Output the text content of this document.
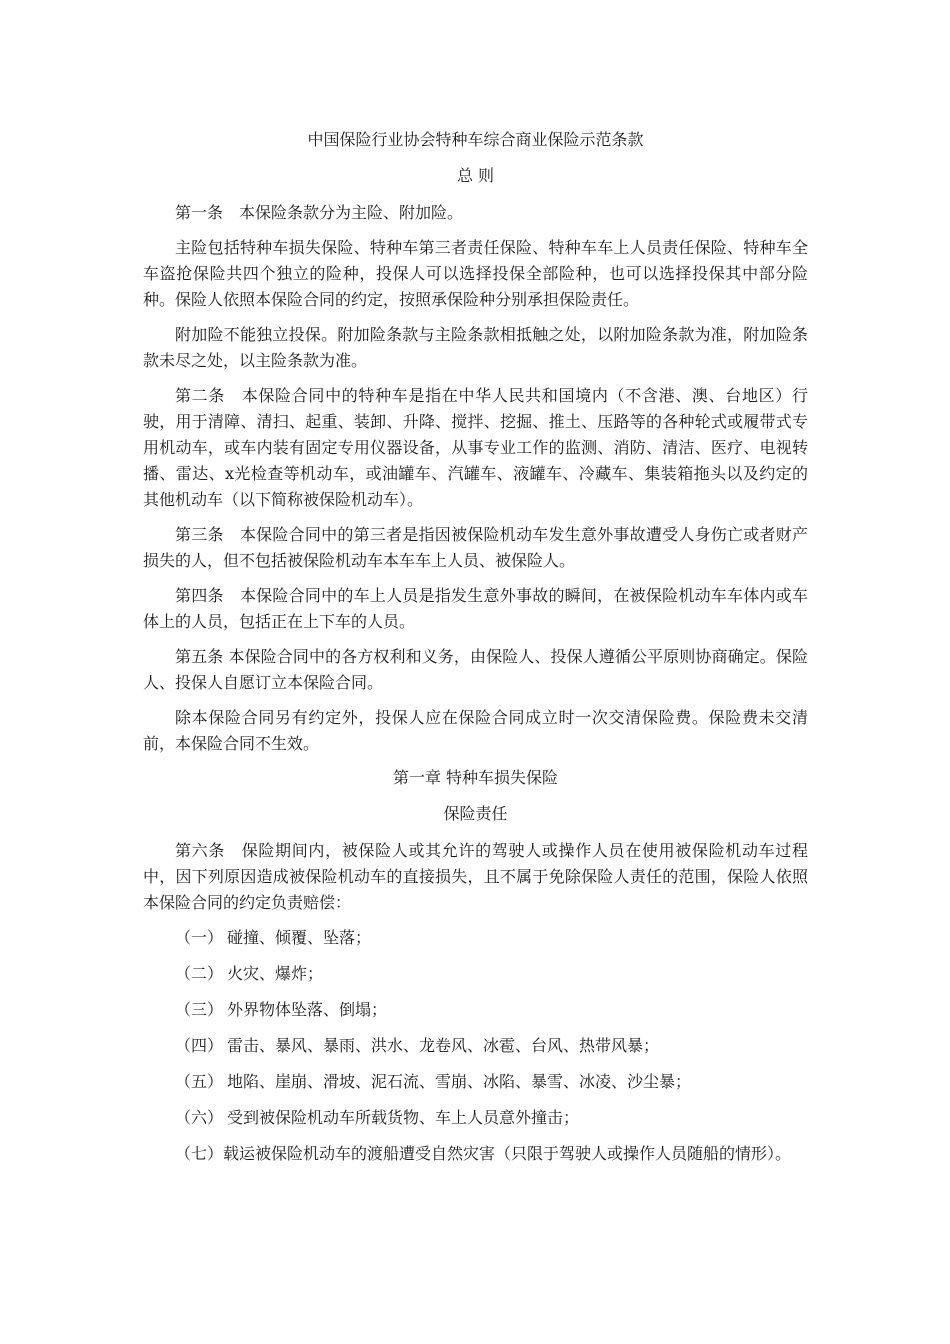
中国保险行业协会特种车综合商业保险示范条款
总 则

第一条　本保险条款分为主险、附加险。

主险包括特种车损失保险、特种车第三者责任保险、特种车车上人员责任保险、特种车全车盗抢保险共四个独立的险种，投保人可以选择投保全部险种，也可以选择投保其中部分险种。保险人依照本保险合同的约定，按照承保险种分别承担保险责任。

附加险不能独立投保。附加险条款与主险条款相抵触之处，以附加险条款为准，附加险条款未尽之处，以主险条款为准。

第二条　本保险合同中的特种车是指在中华人民共和国境内（不含港、澳、台地区）行驶，用于清障、清扫、起重、装卸、升降、搅拌、挖掘、推土、压路等的各种轮式或履带式专用机动车，或车内装有固定专用仪器设备，从事专业工作的监测、消防、清洁、医疗、电视转播、雷达、x光检查等机动车，或油罐车、汽罐车、液罐车、冷藏车、集装箱拖头以及约定的其他机动车（以下简称被保险机动车）。

第三条　本保险合同中的第三者是指因被保险机动车发生意外事故遭受人身伤亡或者财产损失的人，但不包括被保险机动车本车车上人员、被保险人。

第四条　本保险合同中的车上人员是指发生意外事故的瞬间，在被保险机动车车体内或车体上的人员，包括正在上下车的人员。

第五条 本保险合同中的各方权利和义务，由保险人、投保人遵循公平原则协商确定。保险人、投保人自愿订立本保险合同。

除本保险合同另有约定外，投保人应在保险合同成立时一次交清保险费。保险费未交清前，本保险合同不生效。

第一章 特种车损失保险
保险责任

第六条　保险期间内，被保险人或其允许的驾驶人或操作人员在使用被保险机动车过程中，因下列原因造成被保险机动车的直接损失，且不属于免除保险人责任的范围，保险人依照本保险合同的约定负责赔偿：

（一） 碰撞、倾覆、坠落；
（二） 火灾、爆炸；
（三） 外界物体坠落、倒塌；
（四） 雷击、暴风、暴雨、洪水、龙卷风、冰雹、台风、热带风暴；
（五） 地陷、崖崩、滑坡、泥石流、雪崩、冰陷、暴雪、冰凌、沙尘暴；
（六） 受到被保险机动车所载货物、车上人员意外撞击；
（七）载运被保险机动车的渡船遭受自然灾害（只限于驾驶人或操作人员随船的情形）。
